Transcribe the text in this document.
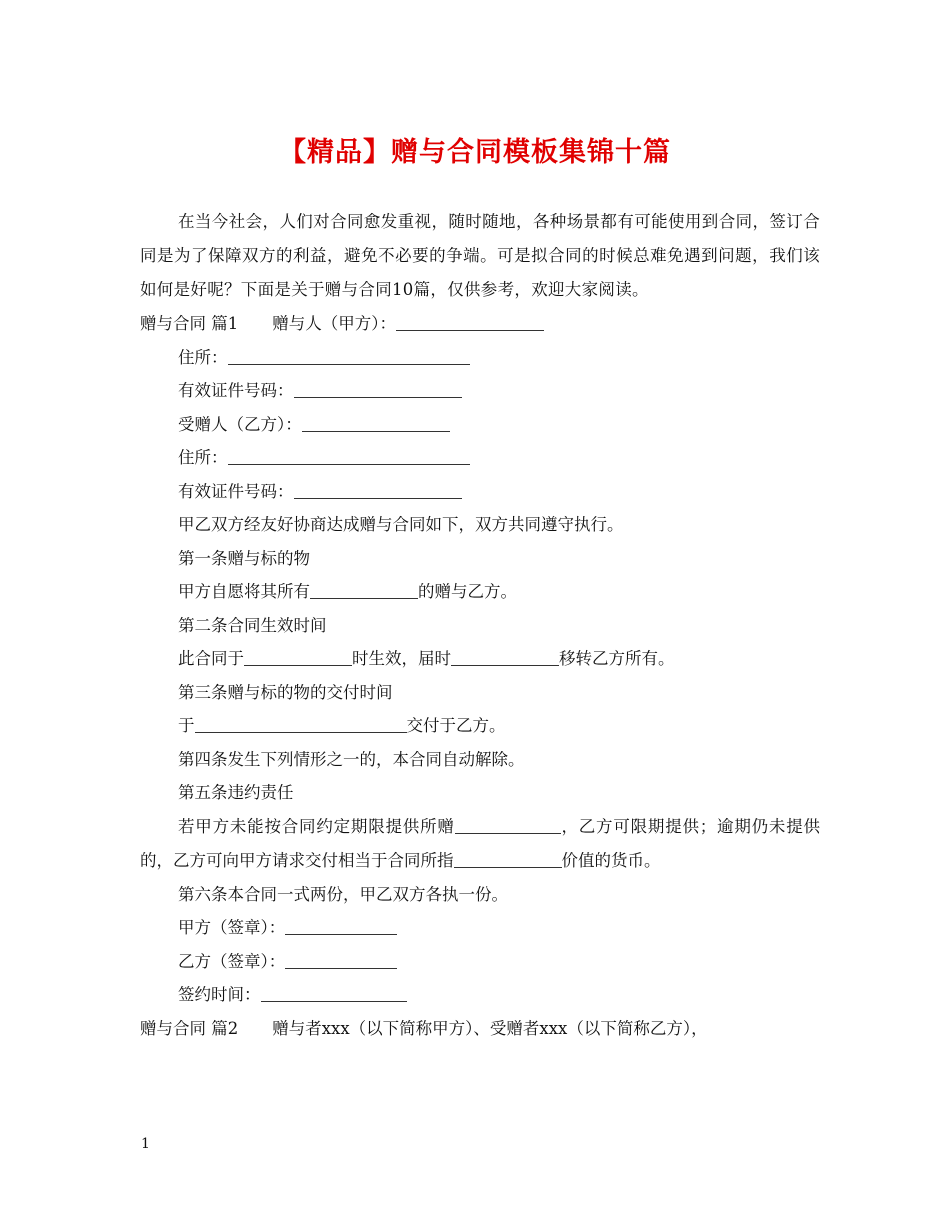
【精品】赠与合同模板集锦十篇

在当今社会，人们对合同愈发重视，随时随地，各种场景都有可能使用到合同，签订合同是为了保障双方的利益，避免不必要的争端。可是拟合同的时候总难免遇到问题，我们该如何是好呢？下面是关于赠与合同10篇，仅供参考，欢迎大家阅读。

赠与合同 篇1 赠与人（甲方）：
住所：
有效证件号码：
受赠人（乙方）：
住所：
有效证件号码：
甲乙双方经友好协商达成赠与合同如下，双方共同遵守执行。
第一条赠与标的物
甲方自愿将其所有	的赠与乙方。
第二条合同生效时间
此合同于	时生效，届时	移转乙方所有。
第三条赠与标的物的交付时间
于	交付于乙方。
第四条发生下列情形之一的，本合同自动解除。
第五条违约责任

若甲方未能按合同约定期限提供所赠	，乙方可限期提供；逾期仍未提供的，乙方可向甲方请求交付相当于合同所指	价值的货币。

第六条本合同一式两份，甲乙双方各执一份。
甲方（签章）：
乙方（签章）：
签约时间：
赠与合同 篇2 赠与者xxx（以下简称甲方）、受赠者xxx（以下简称乙方），
1
